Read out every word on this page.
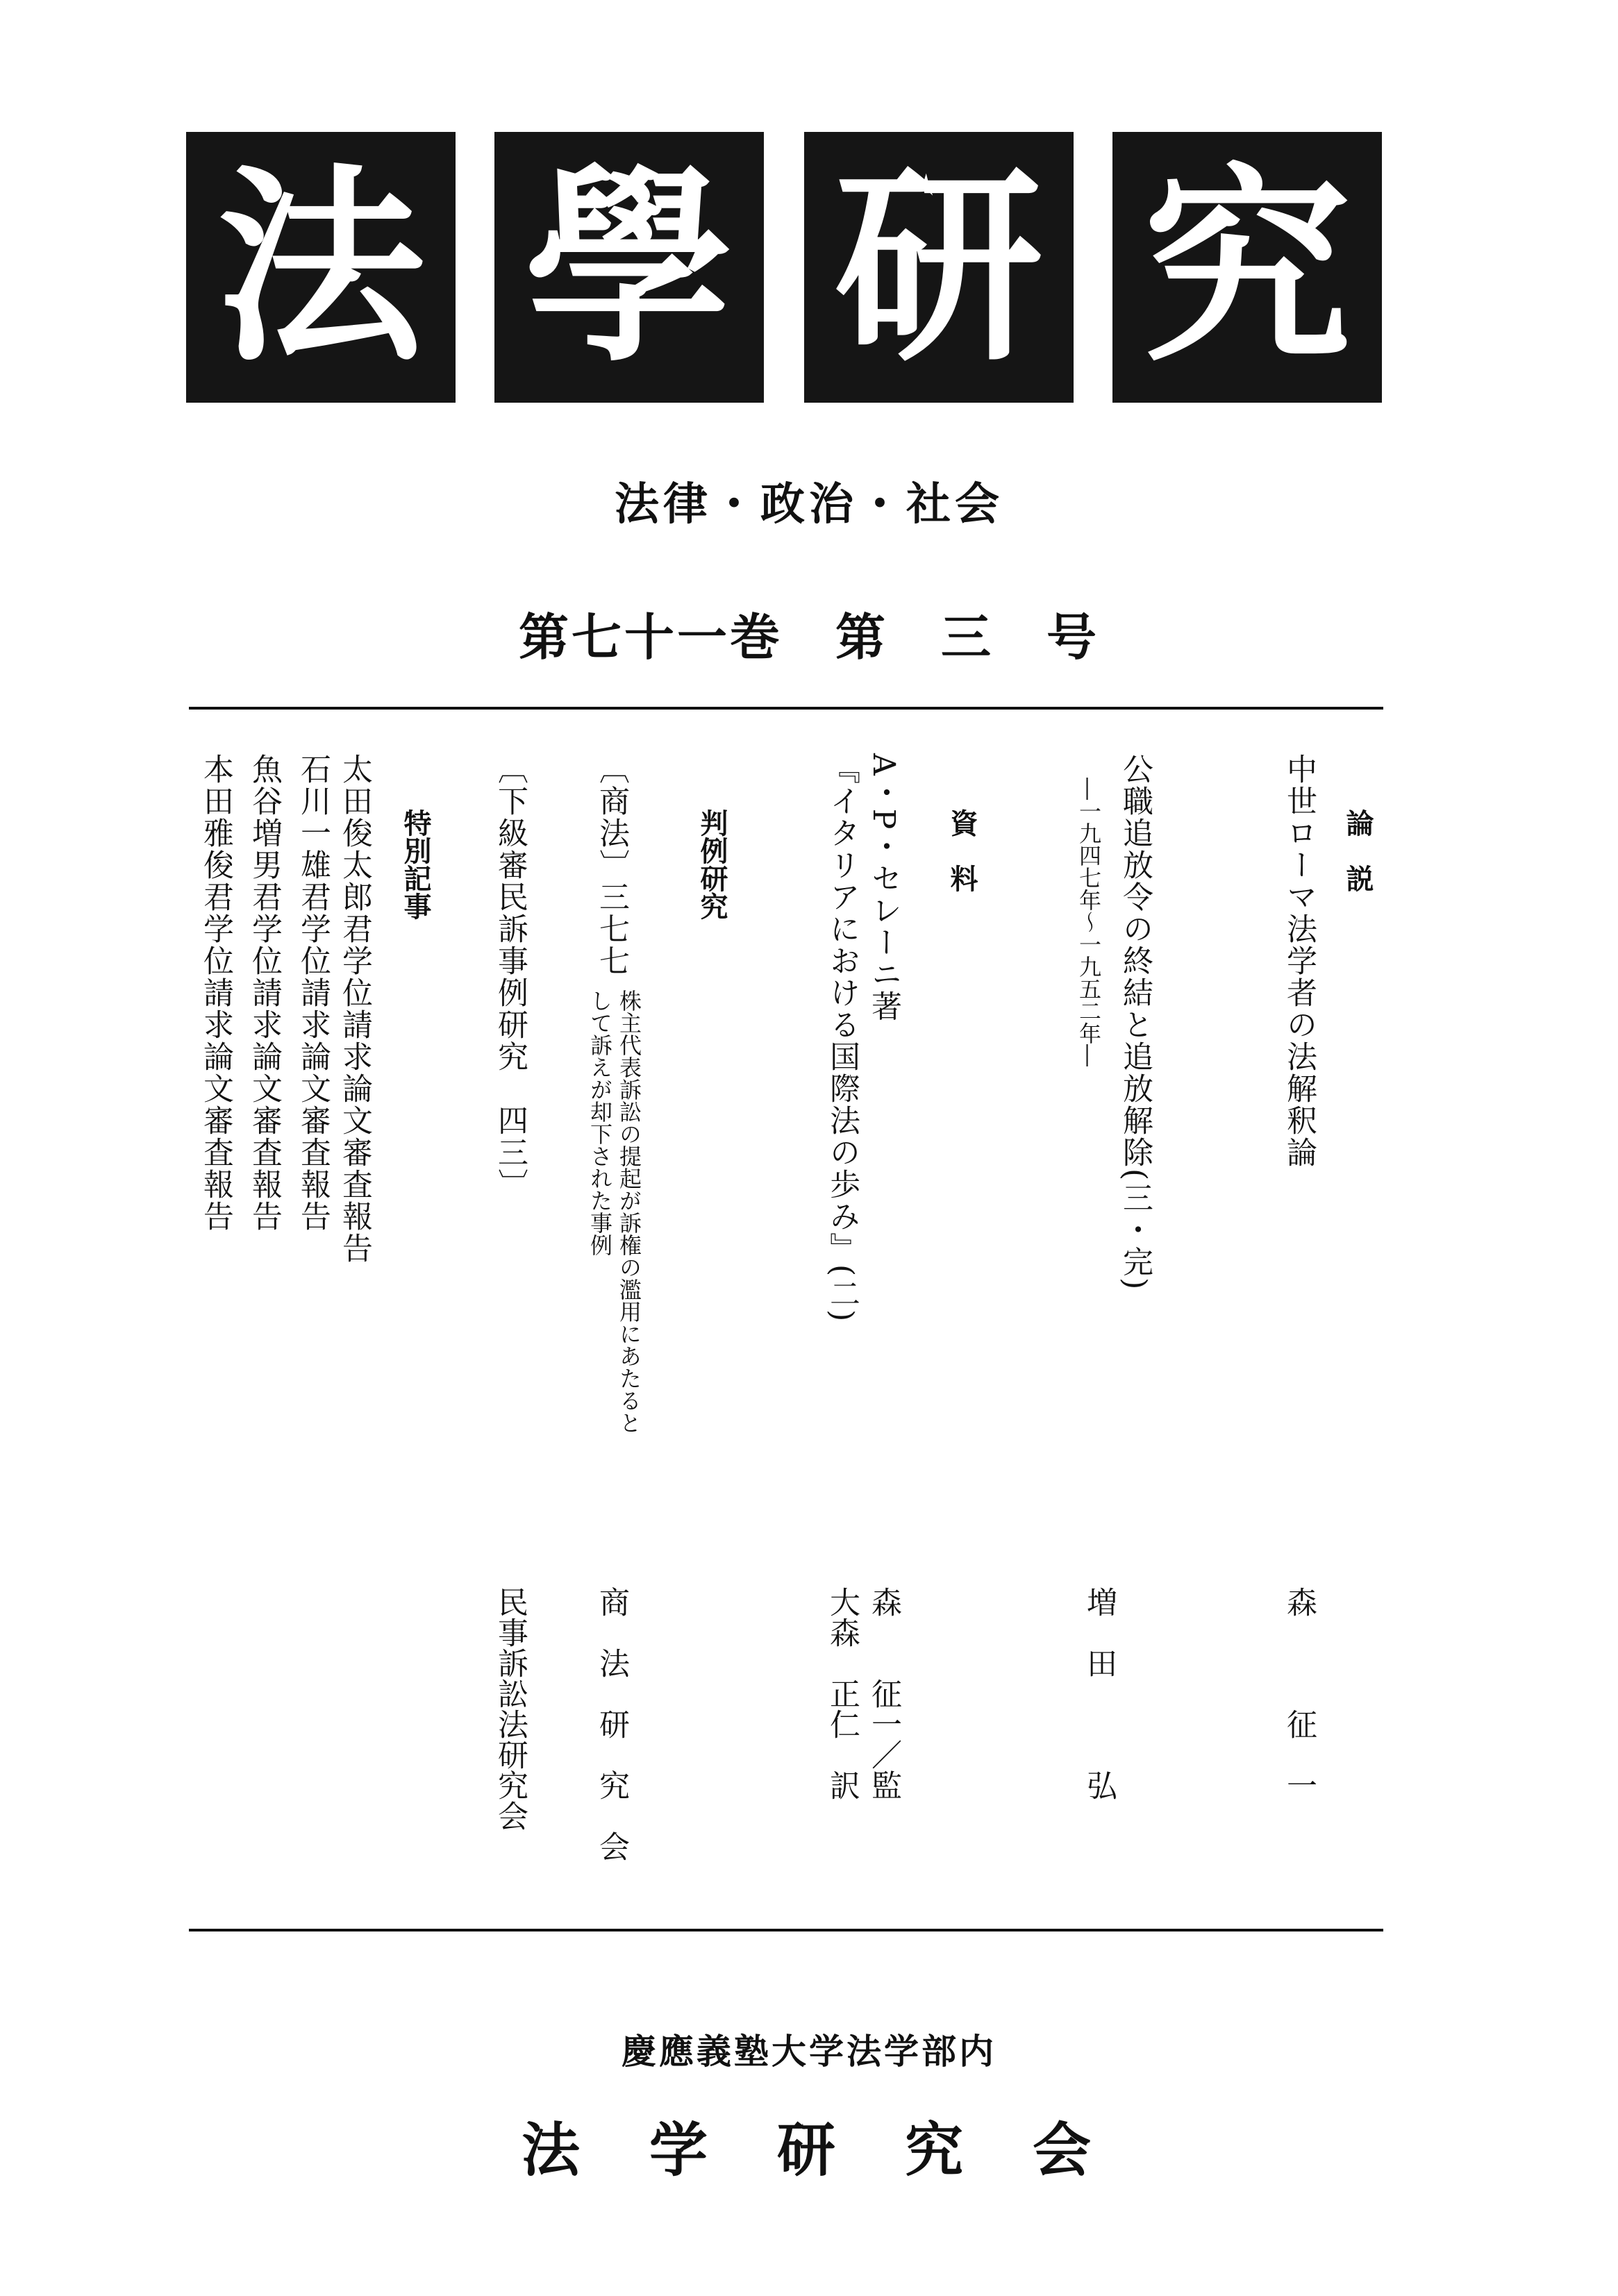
法 學 研 究
法律・政治・社会
第七十一巻　第　三　号
論　説
中世ローマ法学者の法解釈論
森　　　征　一
公職追放令の終結と追放解除(三・完)
―一九四七年～一九五二年―
増　田　　　弘
資　料
A・P・セレーニ著
『イタリアにおける国際法の歩み』(二)
森　　征一／監
大森　正仁　訳
判例研究
〔商法〕三七七
株主代表訴訟の提起が訴権の濫用にあたると
して訴えが却下された事例
商　法　研　究　会
〔下級審民訴事例研究　四三〕
民事訴訟法研究会
特別記事
太田俊太郎君学位請求論文審査報告
石川一雄君学位請求論文審査報告
魚谷増男君学位請求論文審査報告
本田雅俊君学位請求論文審査報告
慶應義塾大学法学部内
法　学　研　究　会
